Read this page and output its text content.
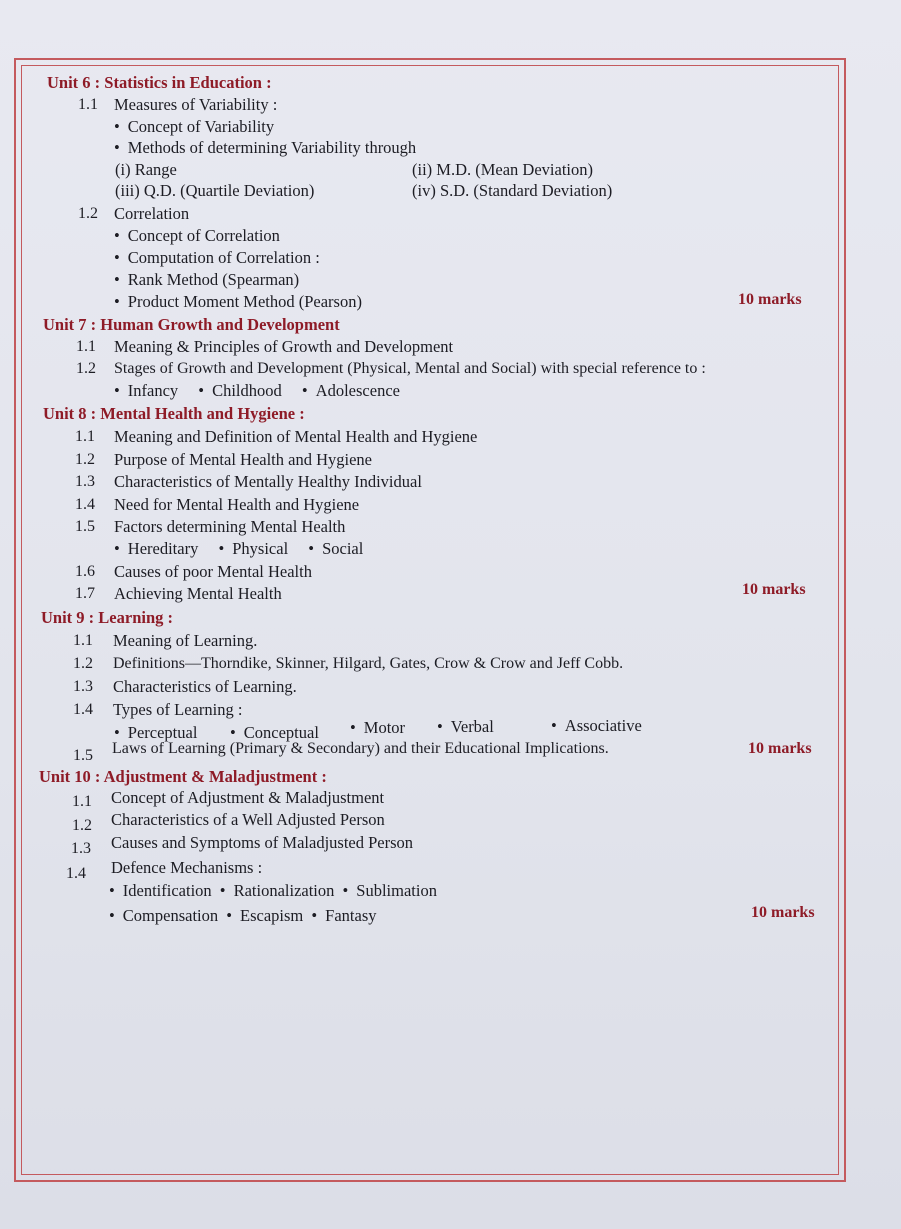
Unit 6 : Statistics in Education :
1.1 Measures of Variability :
• Concept of Variability
• Methods of determining Variability through
(i) Range	(ii) M.D. (Mean Deviation)
(iii) Q.D. (Quartile Deviation)	(iv) S.D. (Standard Deviation)
1.2 Correlation
• Concept of Correlation
• Computation of Correlation :
• Rank Method (Spearman)
• Product Moment Method (Pearson)	10 marks
Unit 7 : Human Growth and Development
1.1 Meaning & Principles of Growth and Development
1.2 Stages of Growth and Development (Physical, Mental and Social) with special reference to :
• Infancy • Childhood • Adolescence
Unit 8 : Mental Health and Hygiene :
1.1 Meaning and Definition of Mental Health and Hygiene
1.2 Purpose of Mental Health and Hygiene
1.3 Characteristics of Mentally Healthy Individual
1.4 Need for Mental Health and Hygiene
1.5 Factors determining Mental Health
• Hereditary • Physical • Social
1.6 Causes of poor Mental Health
1.7 Achieving Mental Health	10 marks
Unit 9 : Learning :
1.1 Meaning of Learning.
1.2 Definitions—Thorndike, Skinner, Hilgard, Gates, Crow & Crow and Jeff Cobb.
1.3 Characteristics of Learning.
1.4 Types of Learning :
• Perceptual	• Conceptual	• Motor	• Verbal	• Associative
1.5 Laws of Learning (Primary & Secondary) and their Educational Implications.	10 marks
Unit 10 : Adjustment & Maladjustment :
1.1 Concept of Adjustment & Maladjustment
1.2 Characteristics of a Well Adjusted Person
1.3 Causes and Symptoms of Maladjusted Person
1.4 Defence Mechanisms :
• Identification • Rationalization • Sublimation
• Compensation • Escapism • Fantasy	10 marks
